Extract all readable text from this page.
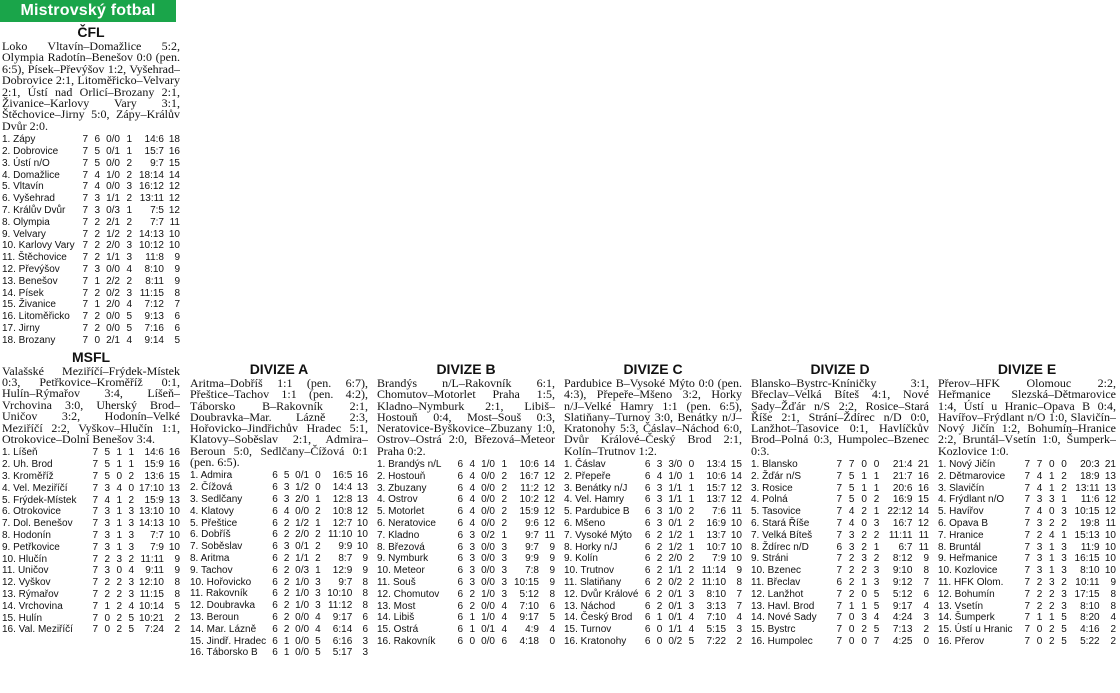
Mistrovský fotbal
ČFL
Loko Vltavín–Domažlice 5:2, Olympia Radotín–Benešov 0:0 (pen. 6:5), Písek–Převýšov 1:2, Vyšehrad–Dobrovice 2:1, Litoměřicko–Velvary 2:1, Ústí nad Orlicí–Brozany 2:1, Živanice–Karlovy Vary 3:1, Štěchovice–Jirny 5:0, Zápy–Králův Dvůr 2:0.
1. Zápy	7	6	0/0	1	14:6	18
2. Dobrovice	7	5	0/1	1	15:7	16
3. Ústí n/O	7	5	0/0	2	9:7	15
4. Domažlice	7	4	1/0	2	18:14	14
5. Vltavín	7	4	0/0	3	16:12	12
6. Vyšehrad	7	3	1/1	2	13:11	12
7. Králův Dvůr	7	3	0/3	1	7:5	12
8. Olympia	7	2	2/1	2	7:7	11
9. Velvary	7	2	1/2	2	14:13	10
10. Karlovy Vary	7	2	2/0	3	10:12	10
11. Štěchovice	7	2	1/1	3	11:8	9
12. Převýšov	7	3	0/0	4	8:10	9
13. Benešov	7	1	2/2	2	8:11	9
14. Písek	7	2	0/2	3	11:15	8
15. Živanice	7	1	2/0	4	7:12	7
16. Litoměřicko	7	2	0/0	5	9:13	6
17. Jirny	7	2	0/0	5	7:16	6
18. Brozany	7	0	2/1	4	9:14	5
MSFL
Valašské Meziříčí–Frýdek-Místek 0:3, Petřkovice–Kroměříž 0:1, Hulín–Rýmařov 3:4, Líšeň–Vrchovina 3:0, Uherský Brod–Uničov 3:2, Hodonín–Velké Meziříčí 2:2, Vyškov–Hlučín 1:1, Otrokovice–Dolní Benešov 3:4.
1. Líšeň	7	5	1	1	14:6	16
2. Uh. Brod	7	5	1	1	15:9	16
3. Kroměříž	7	5	0	2	13:6	15
4. Vel. Meziříčí	7	3	4	0	17:10	13
5. Frýdek-Místek	7	4	1	2	15:9	13
6. Otrokovice	7	3	1	3	13:10	10
7. Dol. Benešov	7	3	1	3	14:13	10
8. Hodonín	7	3	1	3	7:7	10
9. Petřkovice	7	3	1	3	7:9	10
10. Hlučín	7	2	3	2	11:11	9
11. Uničov	7	3	0	4	9:11	9
12. Vyškov	7	2	2	3	12:10	8
13. Rýmařov	7	2	2	3	11:15	8
14. Vrchovina	7	1	2	4	10:14	5
15. Hulín	7	0	2	5	10:21	2
16. Val. Meziříčí	7	0	2	5	7:24	2
DIVIZE A
Aritma–Dobříš 1:1 (pen. 6:7), Přeštice–Tachov 1:1 (pen. 4:2), Táborsko B–Rakovník 2:1, Doubravka–Mar. Lázně 2:3, Hořovicko–Jindřichův Hradec 5:1, Klatovy–Soběslav 2:1, Admira–Beroun 5:0, Sedlčany–Čížová 0:1 (pen. 6:5).
1. Admira	6	5	0/1	0	16:5	16
2. Čížová	6	3	1/2	0	14:4	13
3. Sedlčany	6	3	2/0	1	12:8	13
4. Klatovy	6	4	0/0	2	10:8	12
5. Přeštice	6	2	1/2	1	12:7	10
6. Dobříš	6	2	2/0	2	11:10	10
7. Soběslav	6	3	0/1	2	9:9	10
8. Aritma	6	2	1/1	2	8:7	9
9. Tachov	6	2	0/3	1	12:9	9
10. Hořovicko	6	2	1/0	3	9:7	8
11. Rakovník	6	2	1/0	3	10:10	8
12. Doubravka	6	2	1/0	3	11:12	8
13. Beroun	6	2	0/0	4	9:17	6
14. Mar. Lázně	6	2	0/0	4	6:14	6
15. Jindř. Hradec	6	1	0/0	5	6:16	3
16. Táborsko B	6	1	0/0	5	5:17	3
DIVIZE B
Brandýs n/L–Rakovník 6:1, Chomutov–Motorlet Praha 1:5, Kladno–Nymburk 2:1, Libiš–Hostouň 0:4, Most–Souš 0:3, Neratovice-Byškovice–Zbuzany 1:0, Ostrov–Ostrá 2:0, Březová–Meteor Praha 0:2.
1. Brandýs n/L	6	4	1/0	1	10:6	14
2. Hostouň	6	4	0/0	2	16:7	12
3. Zbuzany	6	4	0/0	2	11:2	12
4. Ostrov	6	4	0/0	2	10:2	12
5. Motorlet	6	4	0/0	2	15:9	12
6. Neratovice	6	4	0/0	2	9:6	12
7. Kladno	6	3	0/2	1	9:7	11
8. Březová	6	3	0/0	3	9:7	9
9. Nymburk	6	3	0/0	3	9:9	9
10. Meteor	6	3	0/0	3	7:8	9
11. Souš	6	3	0/0	3	10:15	9
12. Chomutov	6	2	1/0	3	5:12	8
13. Most	6	2	0/0	4	7:10	6
14. Libiš	6	1	1/0	4	9:17	5
15. Ostrá	6	1	0/1	4	4:9	4
16. Rakovník	6	0	0/0	6	4:18	0
DIVIZE C
Pardubice B–Vysoké Mýto 0:0 (pen. 4:3), Přepeře–Mšeno 3:2, Horky n/J–Velké Hamry 1:1 (pen. 6:5), Slatiňany–Turnov 3:0, Benátky n/J–Kratonohy 5:3, Čáslav–Náchod 6:0, Dvůr Králové–Český Brod 2:1, Kolín–Trutnov 1:2.
1. Čáslav	6	3	3/0	0	13:4	15
2. Přepeře	6	4	1/0	1	10:6	14
3. Benátky n/J	6	3	1/1	1	15:7	12
4. Vel. Hamry	6	3	1/1	1	13:7	12
5. Pardubice B	6	3	1/0	2	7:6	11
6. Mšeno	6	3	0/1	2	16:9	10
7. Vysoké Mýto	6	2	1/2	1	13:7	10
8. Horky n/J	6	2	1/2	1	10:7	10
9. Kolín	6	2	2/0	2	7:9	10
10. Trutnov	6	2	1/1	2	11:14	9
11. Slatiňany	6	2	0/2	2	11:10	8
12. Dvůr Králové	6	2	0/1	3	8:10	7
13. Náchod	6	2	0/1	3	3:13	7
14. Český Brod	6	1	0/1	4	7:10	4
15. Turnov	6	0	1/1	4	5:15	3
16. Kratonohy	6	0	0/2	5	7:22	2
DIVIZE D
Blansko–Bystrc-Kníničky 3:1, Břeclav–Velká Bíteš 4:1, Nové Sady–Žďár n/S 2:2, Rosice–Stará Říše 2:1, Strání–Ždírec n/D 0:0, Lanžhot–Tasovice 0:1, Havlíčkův Brod–Polná 0:3, Humpolec–Bzenec 0:3.
1. Blansko	7	7	0	0	21:4	21
2. Žďár n/S	7	5	1	1	21:7	16
3. Rosice	7	5	1	1	20:6	16
4. Polná	7	5	0	2	16:9	15
5. Tasovice	7	4	2	1	22:12	14
6. Stará Říše	7	4	0	3	16:7	12
7. Velká Bíteš	7	3	2	2	11:11	11
8. Ždírec n/D	6	3	2	1	6:7	11
9. Stráni	7	2	3	2	8:12	9
10. Bzenec	7	2	2	3	9:10	8
11. Břeclav	6	2	1	3	9:12	7
12. Lanžhot	7	2	0	5	5:12	6
13. Havl. Brod	7	1	1	5	9:17	4
14. Nové Sady	7	0	3	4	4:24	3
15. Bystrc	7	0	2	5	7:13	2
16. Humpolec	7	0	0	7	4:25	0
DIVIZE E
Přerov–HFK Olomouc 2:2, Heřmanice Slezská–Dětmarovice 1:4, Ústí u Hranic–Opava B 0:4, Havířov–Frýdlant n/O 1:0, Slavičín–Nový Jičín 1:2, Bohumín–Hranice 2:2, Bruntál–Vsetín 1:0, Šumperk–Kozlovice 1:0.
1. Nový Jičín	7	7	0	0	20:3	21
2. Dětmarovice	7	4	1	2	18:9	13
3. Slavičín	7	4	1	2	13:11	13
4. Frýdlant n/O	7	3	3	1	11:6	12
5. Havířov	7	4	0	3	10:15	12
6. Opava B	7	3	2	2	19:8	11
7. Hranice	7	2	4	1	15:13	10
8. Bruntál	7	3	1	3	11:9	10
9. Heřmanice	7	3	1	3	16:15	10
10. Kozlovice	7	3	1	3	8:10	10
11. HFK Olom.	7	2	3	2	10:11	9
12. Bohumín	7	2	2	3	17:15	8
13. Vsetín	7	2	2	3	8:10	8
14. Šumperk	7	1	1	5	8:20	4
15. Ústí u Hranic	7	0	2	5	4:16	2
16. Přerov	7	0	2	5	5:22	2
